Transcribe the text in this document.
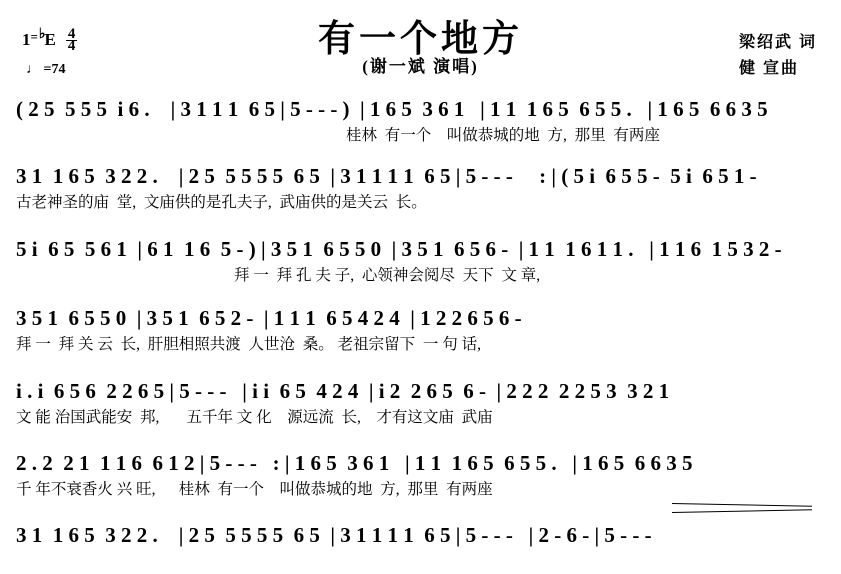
有一个地方
(谢一斌 演唱)
梁绍武 词
健 宣曲
1 = ♭ E $\frac{4}{4}$
♩ =74
( 2 5  5 5 5  i 6 .    | 3 1 1 1  6 5 | 5 - - - )  | 1 6 5  3 6 1   | 1 1  1 6 5  6 5 5 .   | 1 6 5  6 6 3 5
桂林  有一个    叫做恭城的地  方,  那里  有两座
3 1  1 6 5  3 2 2 .    | 2 5  5 5 5 5  6 5  | 3 1 1 1 1  6 5 | 5 - - -     : | ( 5 i  6 5 5 -  5 i  6 5 1 -
古老神圣的庙  堂,  文庙供的是孔夫子,  武庙供的是关云  长。
5 i  6 5  5 6 1  | 6 1  1 6  5 - ) | 3 5 1  6 5 5 0  | 3 5 1  6 5 6 -  | 1 1  1 6 1 1 .   | 1 1 6  1 5 3 2 -
拜 一  拜 孔 夫 子,  心领神会阅尽  天下  文 章,
3 5 1  6 5 5 0  | 3 5 1  6 5 2 -  | 1 1 1  6 5 4 2 4  | 1 2 2 6 5 6 -
拜 一  拜 关 云  长,  肝胆相照共渡  人世沧  桑。 老祖宗留下  一 句 话,
i . i  6 5 6  2 2 6 5 | 5 - - -   | i i  6 5  4 2 4  | i 2  2 6 5  6 -  | 2 2 2  2 2 5 3  3 2 1
文 能 治国武能安  邦,       五千年 文 化    源远流  长,    才有这文庙  武庙
2 . 2  2 1  1 1 6  6 1 2 | 5 - - -   : | 1 6 5  3 6 1   | 1 1  1 6 5  6 5 5 .   | 1 6 5  6 6 3 5
千 年不衰香火 兴 旺,      桂林  有一个    叫做恭城的地  方,  那里  有两座
3 1  1 6 5  3 2 2 .    | 2 5  5 5 5 5  6 5  | 3 1 1 1 1  6 5 | 5 - - -   | 2 - 6 - | 5 - - -
